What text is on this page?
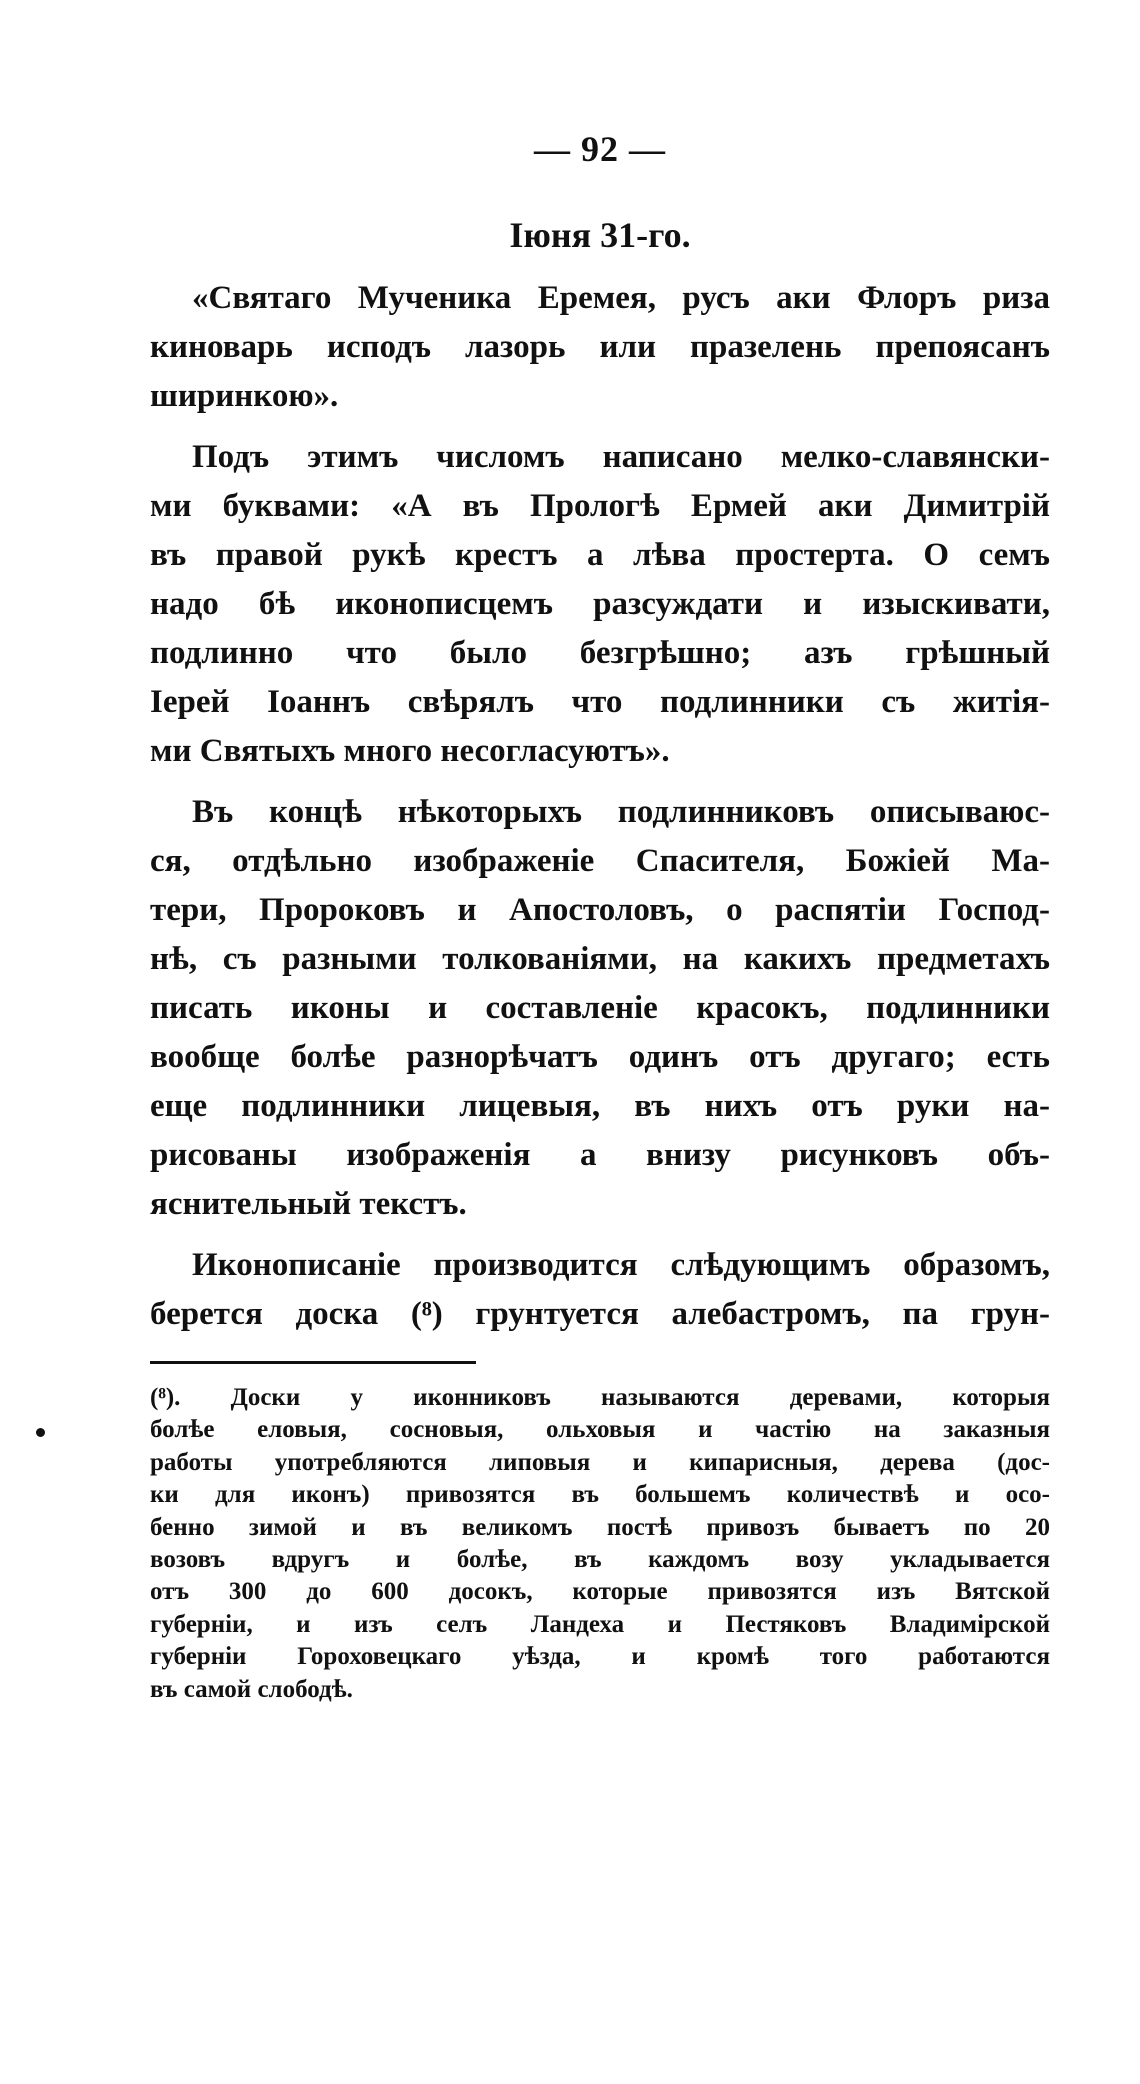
— 92 —
Іюня 31-го.
«Святаго Мученика Еремея, русъ аки Флоръ риза
киноварь исподъ лазорь или празелень препоясанъ
ширинкою».
Подъ этимъ числомъ написано мелко-славянски-
ми буквами: «А въ Прологѣ Ермей аки Димитрій
въ правой рукѣ крестъ а лѣва простерта. О семъ
надо бѣ иконописцемъ разсуждати и изыскивати,
подлинно что было безгрѣшно; азъ грѣшный
Іерей Іоаннъ свѣрялъ что подлинники съ житія-
ми Святыхъ много несогласуютъ».
Въ концѣ нѣкоторыхъ подлинниковъ описываюс-
ся, отдѣльно изображеніе Спасителя, Божіей Ма-
тери, Пророковъ и Апостоловъ, о распятіи Господ-
нѣ, съ разными толкованіями, на какихъ предметахъ
писать иконы и составленіе красокъ, подлинники
вообще болѣе разнорѣчатъ одинъ отъ другаго; есть
еще подлинники лицевыя, въ нихъ отъ руки на-
рисованы изображенія а внизу рисунковъ объ-
яснительный текстъ.
Иконописаніе производится слѣдующимъ образомъ,
берется доска (⁸) грунтуется алебастромъ, па грун-
(⁸). Доски у иконниковъ называются деревами, которыя
болѣе еловыя, сосновыя, ольховыя и частію на заказныя
работы употребляются липовыя и кипарисныя, дерева (дос-
ки для иконъ) привозятся въ большемъ количествѣ и осо-
бенно зимой и въ великомъ постѣ привозъ бываетъ по 20
возовъ вдругъ и болѣе, въ каждомъ возу укладывается
отъ 300 до 600 досокъ, которые привозятся изъ Вятской
губерніи, и изъ селъ Ландеха и Пестяковъ Владимірской
губерніи Гороховецкаго уѣзда, и кромѣ того работаются
въ самой слободѣ.
